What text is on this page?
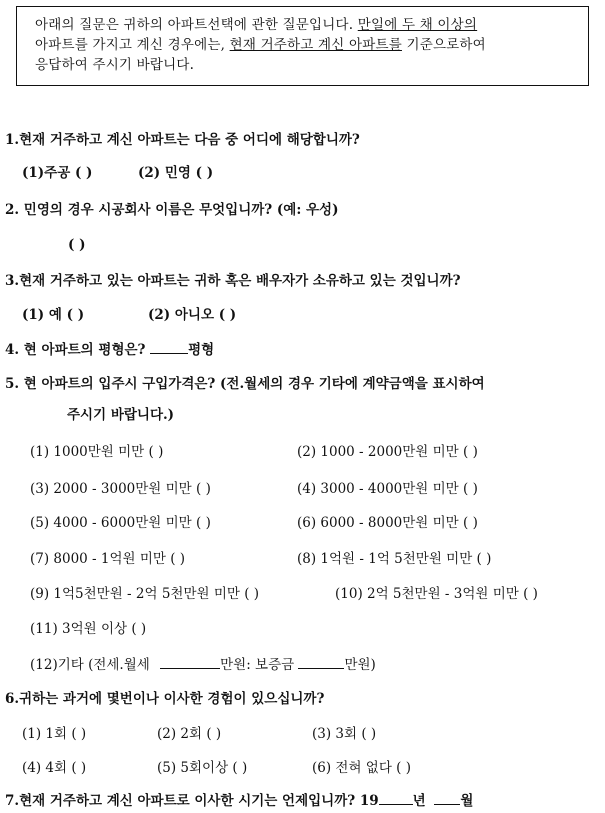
아래의 질문은 귀하의 아파트선택에 관한 질문입니다. 만일에 두 채 이상의
아파트를 가지고 계신 경우에는, 현재 거주하고 계신 아파트를 기준으로하여
응답하여 주시기 바랍니다.
1.현재 거주하고 계신 아파트는 다음 중 어디에 해당합니까?
(1)주공 ( )	(2) 민영 ( )
2. 민영의 경우 시공회사 이름은 무엇입니까? (예: 우성)
( )
3.현재 거주하고 있는 아파트는 귀하 혹은 배우자가 소유하고 있는 것입니까?
(1) 예 ( )	(2) 아니오 ( )
4. 현 아파트의 평형은?	평형
5. 현 아파트의 입주시 구입가격은? (전.월세의 경우 기타에 계약금액을 표시하여
주시기 바랍니다.)
(1) 1000만원 미만 ( )	(2) 1000 - 2000만원 미만 ( )
(3) 2000 - 3000만원 미만 ( )	(4) 3000 - 4000만원 미만 ( )
(5) 4000 - 6000만원 미만 ( )	(6) 6000 - 8000만원 미만 ( )
(7) 8000 - 1억원 미만 ( )	(8) 1억원 - 1억 5천만원 미만 ( )
(9) 1억5천만원 - 2억 5천만원 미만 ( )	(10) 2억 5천만원 - 3억원 미만 ( )
(11) 3억원 이상 ( )
(12)기타 (전세.월세	만원: 보증금	만원)
6.귀하는 과거에 몇번이나 이사한 경험이 있으십니까?
(1) 1회 ( )	(2) 2회 ( )	(3) 3회 ( )
(4) 4회 ( )	(5) 5회이상 ( )	(6) 전혀 없다 ( )
7.현재 거주하고 계신 아파트로 이사한 시기는 언제입니까? 19	년 월
